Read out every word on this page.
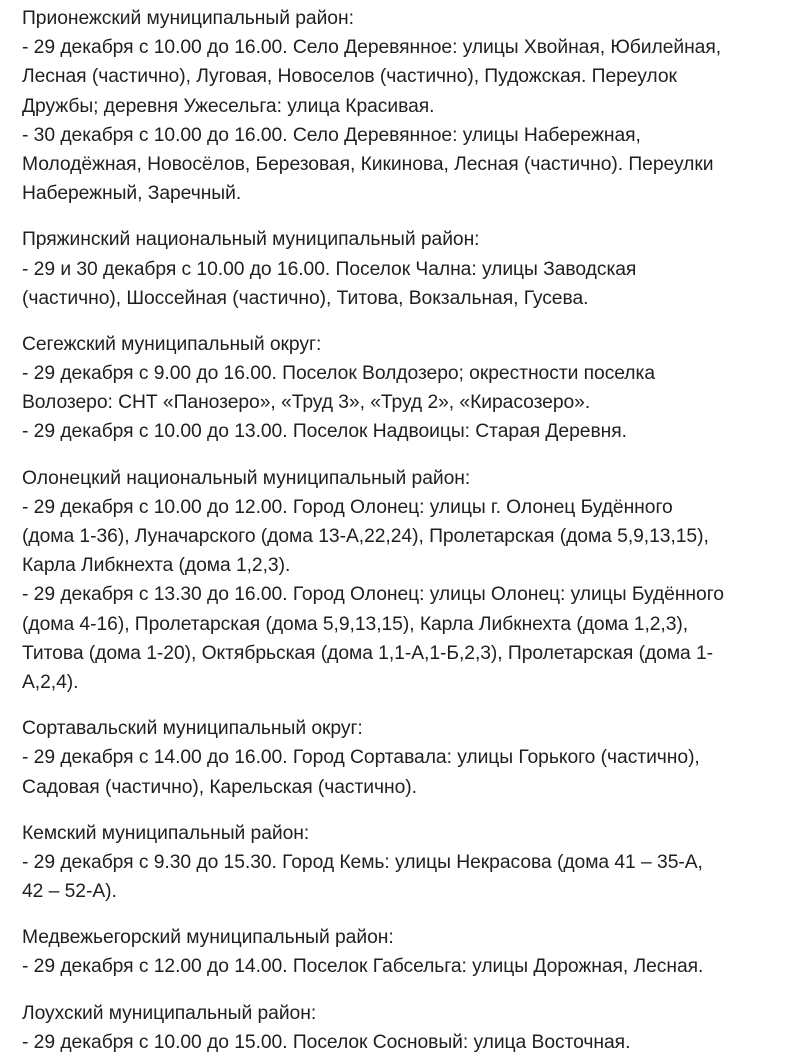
Прионежский муниципальный район:
- 29 декабря с 10.00 до 16.00. Село Деревянное: улицы Хвойная, Юбилейная,
Лесная (частично), Луговая, Новоселов (частично), Пудожская. Переулок
Дружбы; деревня Ужесельга: улица Красивая.
- 30 декабря с 10.00 до 16.00. Село Деревянное: улицы Набережная,
Молодёжная, Новосёлов, Березовая, Кикинова, Лесная (частично). Переулки
Набережный, Заречный.
Пряжинский национальный муниципальный район:
- 29 и 30 декабря с 10.00 до 16.00. Поселок Чална: улицы Заводская
(частично), Шоссейная (частично), Титова, Вокзальная, Гусева.
Сегежский муниципальный округ:
- 29 декабря с 9.00 до 16.00. Поселок Волдозеро; окрестности поселка
Волозеро: СНТ «Панозеро», «Труд 3», «Труд 2», «Кирасозеро».
- 29 декабря с 10.00 до 13.00. Поселок Надвоицы: Старая Деревня.
Олонецкий национальный муниципальный район:
- 29 декабря с 10.00 до 12.00. Город Олонец: улицы г. Олонец Будённого
(дома 1-36), Луначарского (дома 13-А,22,24), Пролетарская (дома 5,9,13,15),
Карла Либкнехта (дома 1,2,3).
- 29 декабря с 13.30 до 16.00. Город Олонец: улицы Олонец: улицы Будённого
(дома 4-16), Пролетарская (дома 5,9,13,15), Карла Либкнехта (дома 1,2,3),
Титова (дома 1-20), Октябрьская (дома 1,1-А,1-Б,2,3), Пролетарская (дома 1-
А,2,4).
Сортавальский муниципальный округ:
- 29 декабря с 14.00 до 16.00. Город Сортавала: улицы Горького (частично),
Садовая (частично), Карельская (частично).
Кемский муниципальный район:
- 29 декабря с 9.30 до 15.30. Город Кемь: улицы Некрасова (дома 41 – 35-А,
42 – 52-А).
Медвежьегорский муниципальный район:
- 29 декабря с 12.00 до 14.00. Поселок Габсельга: улицы Дорожная, Лесная.
Лоухский муниципальный район:
- 29 декабря с 10.00 до 15.00. Поселок Сосновый: улица Восточная.
